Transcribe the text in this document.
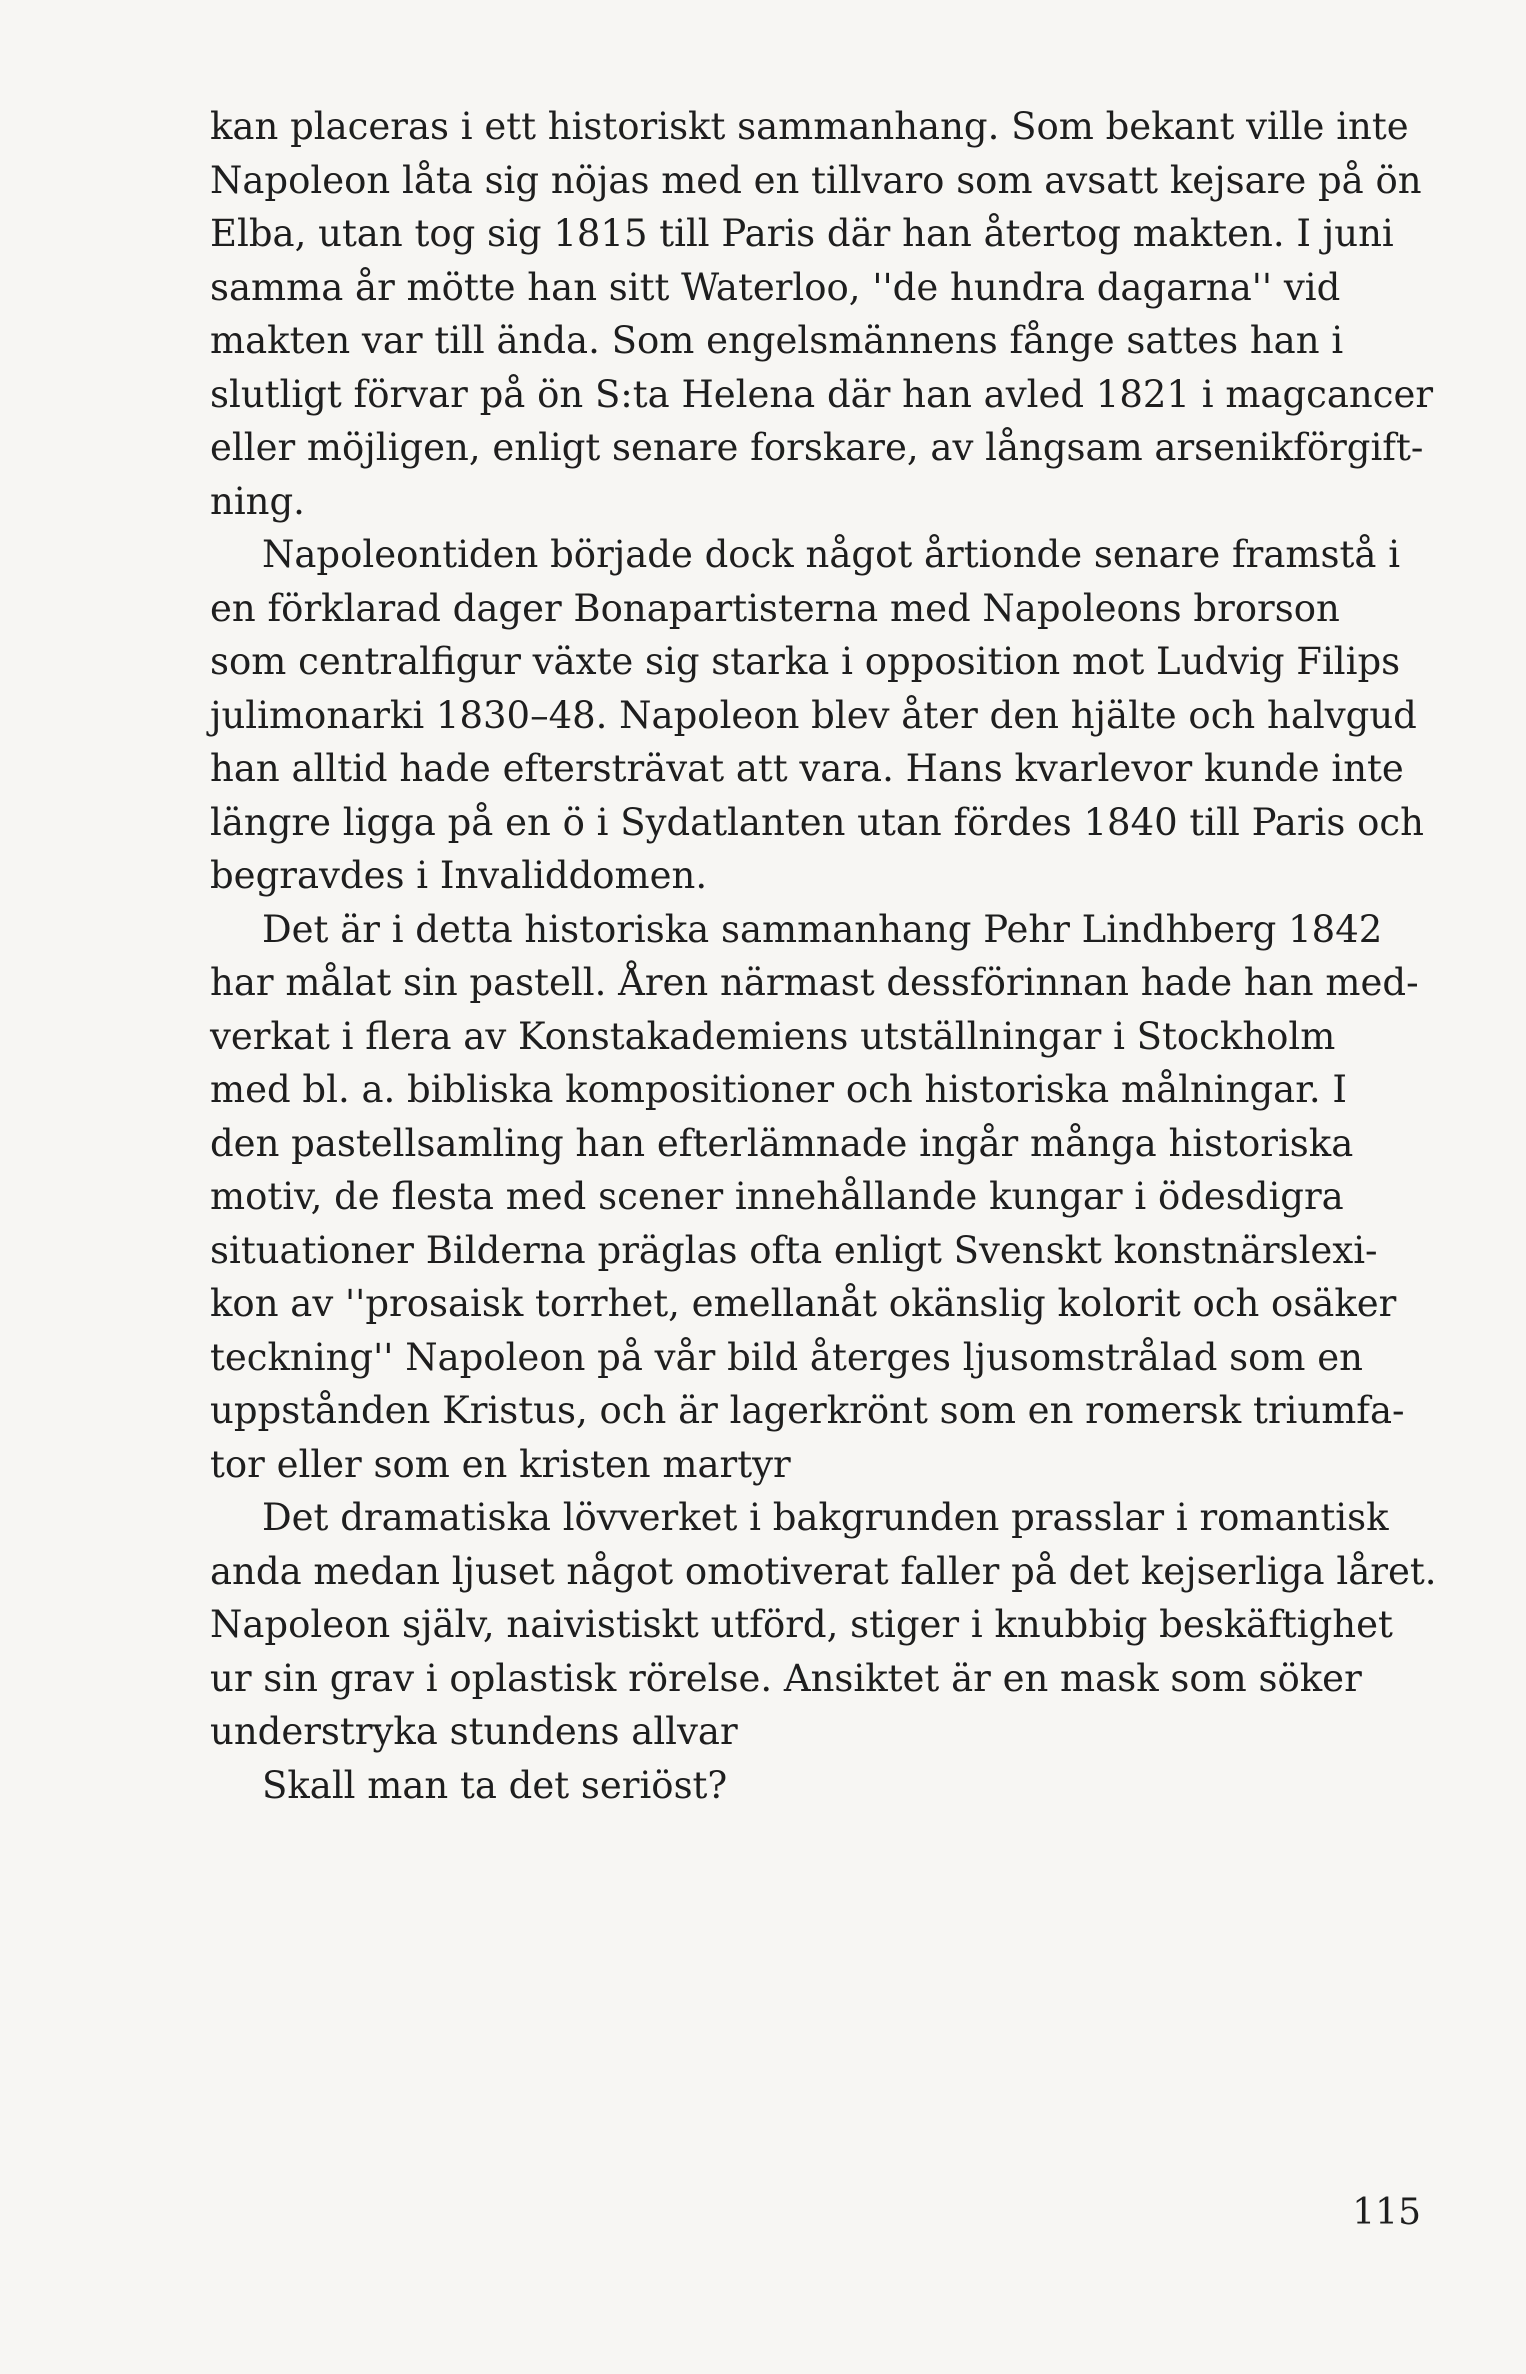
kan placeras i ett historiskt sammanhang. Som bekant ville inte
Napoleon låta sig nöjas med en tillvaro som avsatt kejsare på ön
Elba, utan tog sig 1815 till Paris där han återtog makten. I juni
samma år mötte han sitt Waterloo, ''de hundra dagarna'' vid
makten var till ända. Som engelsmännens fånge sattes han i
slutligt förvar på ön S:ta Helena där han avled 1821 i magcancer
eller möjligen, enligt senare forskare, av långsam arsenikförgift-
ning.
Napoleontiden började dock något årtionde senare framstå i
en förklarad dager Bonapartisterna med Napoleons brorson
som centralfigur växte sig starka i opposition mot Ludvig Filips
julimonarki 1830–48. Napoleon blev åter den hjälte och halvgud
han alltid hade eftersträvat att vara. Hans kvarlevor kunde inte
längre ligga på en ö i Sydatlanten utan fördes 1840 till Paris och
begravdes i Invaliddomen.
Det är i detta historiska sammanhang Pehr Lindhberg 1842
har målat sin pastell. Åren närmast dessförinnan hade han med-
verkat i flera av Konstakademiens utställningar i Stockholm
med bl. a. bibliska kompositioner och historiska målningar. I
den pastellsamling han efterlämnade ingår många historiska
motiv, de flesta med scener innehållande kungar i ödesdigra
situationer Bilderna präglas ofta enligt Svenskt konstnärslexi-
kon av ''prosaisk torrhet, emellanåt okänslig kolorit och osäker
teckning'' Napoleon på vår bild återges ljusomstrålad som en
uppstånden Kristus, och är lagerkrönt som en romersk triumfa-
tor eller som en kristen martyr
Det dramatiska lövverket i bakgrunden prasslar i romantisk
anda medan ljuset något omotiverat faller på det kejserliga låret.
Napoleon själv, naivistiskt utförd, stiger i knubbig beskäftighet
ur sin grav i oplastisk rörelse. Ansiktet är en mask som söker
understryka stundens allvar
Skall man ta det seriöst?
115
